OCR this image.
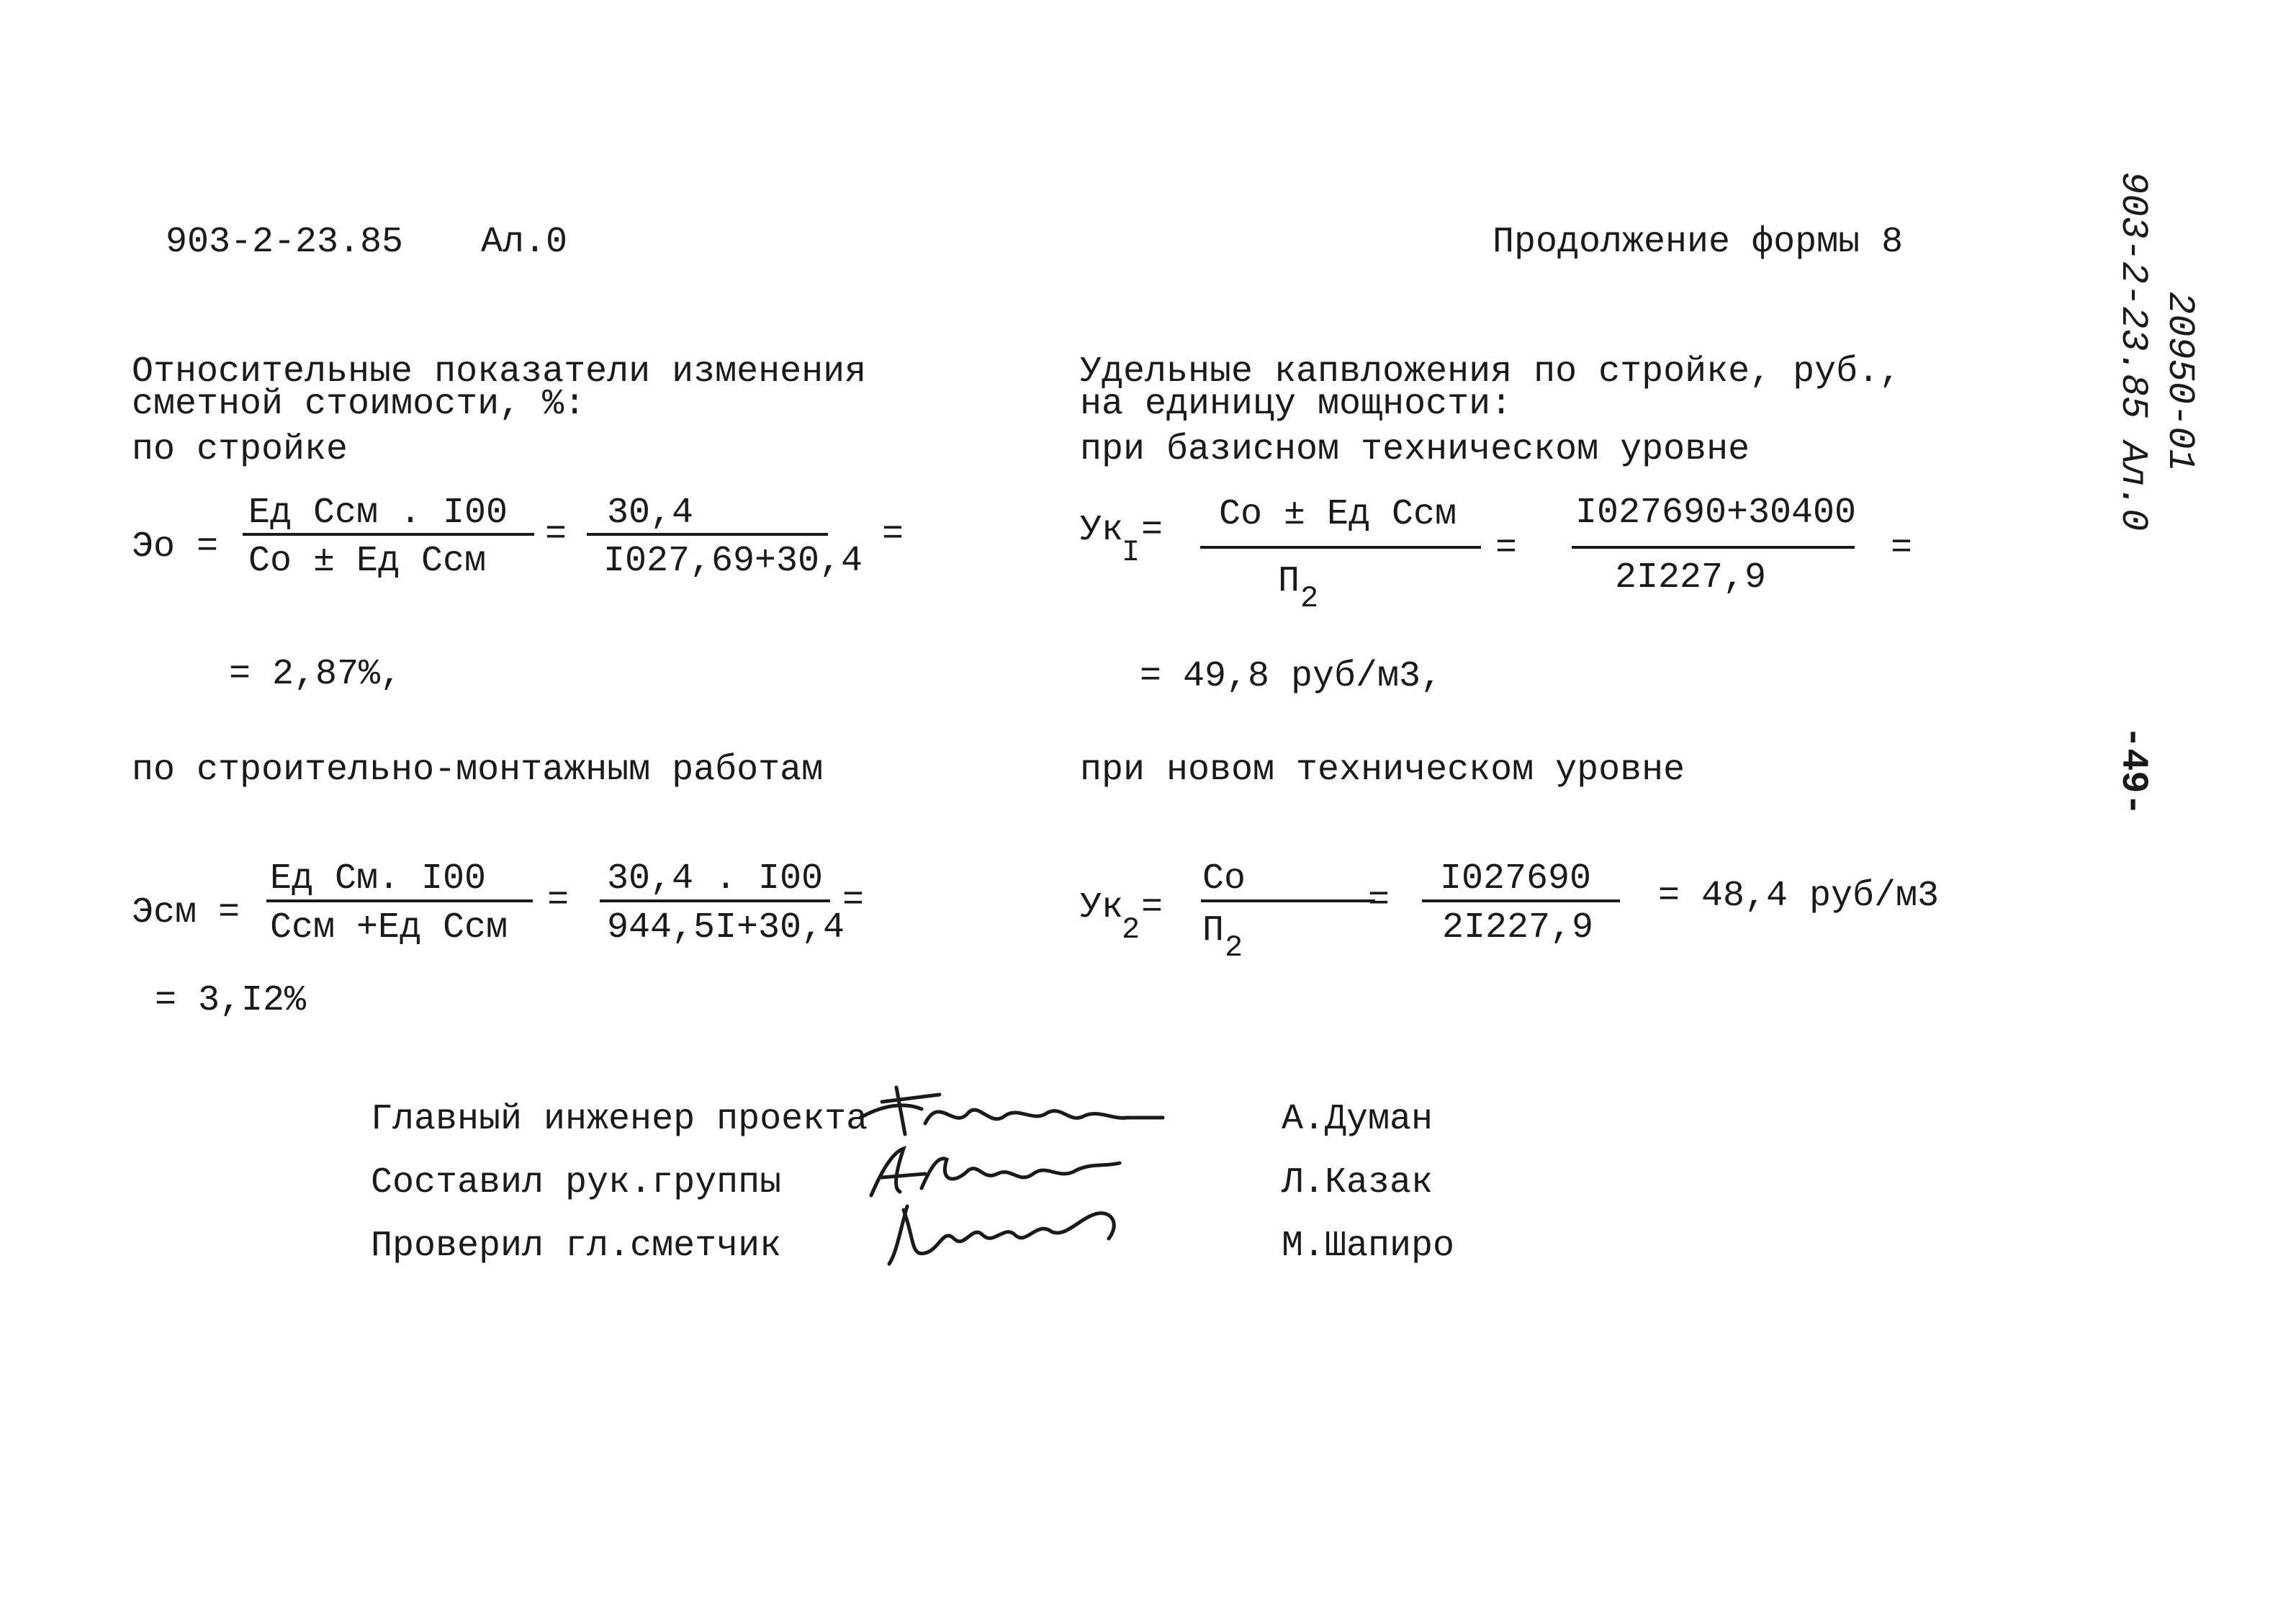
903-2-23.85 Ал.0	Продолжение формы 8	903-2-23.85 Ал.0 20950-01
-49-
Относительные показатели изменения
сметной стоимости, %:
по стройке
Эо =
Ед Ссм . I00
Со ± Ед Ссм
=
30,4
I027,69+30,4
=
= 2,87%,
по строительно-монтажным работам
Эсм =
Ед См. I00
Ссм +Ед Ссм
=
30,4 . I00
944,5I+30,4
=
= 3,I2%
Удельные капвложения по стройке, руб.,
на единицу мощности:
при базисном техническом уровне
Ук
I
= Со ± Ед Ссм
П 2
=
I027690+30400
2I227,9
=
= 49,8 руб/м3,
при новом техническом уровне
Ук
2
=
Со
П 2
=
I027690
2I227,9
= 48,4 руб/м3
Главный инженер проекта
Составил рук.группы
Проверил гл.сметчик
А.Думан
Л.Казак
М.Шапиро
